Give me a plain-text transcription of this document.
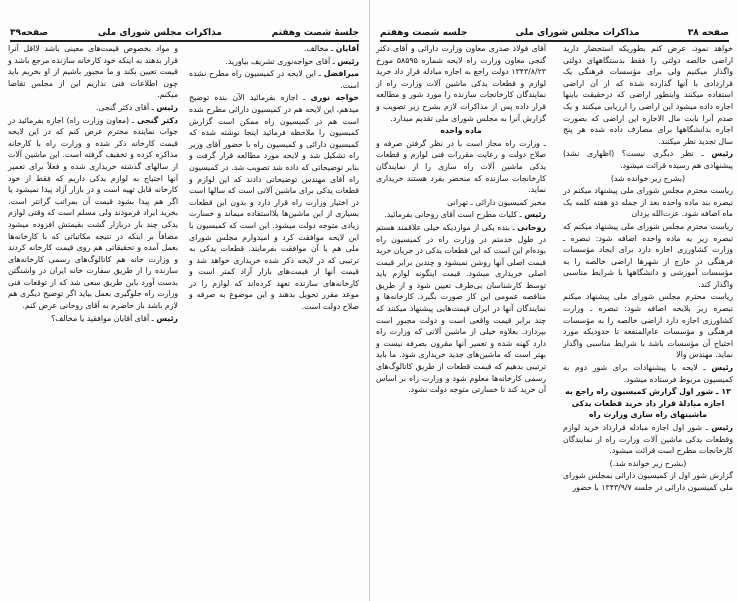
جلسهٔ شصت وهفتم
مذاکرات مجلس شورای ملی
صفحه۳۹

آقایان ـ مخالف.

رئیس ـ آقای خواجه‌نوری تشریف بیاورید.

میرافضل ـ این لایحه در کمیسیون راه مطرح نشده است.

خواجه نوری ـ اجازه بفرمائید الآن بنده توضیح میدهم، این لایحه هم در کمیسیون دارائی مطرح شده است هم در کمیسیون راه ممکن است گزارش کمیسیون را ملاحظه فرمائید اینجا نوشته شده که کمیسیون دارائی و کمیسیون راه با حضور آقای وزیر راه تشکیل شد و لایحه مورد مطالعه قرار گرفت و بنابر توضیحاتی که داده شد تصویب شد. در کمیسیون راه آقای مهندس توضیحاتی دادند که این لوازم و قطعات یدکی برای ماشین آلاتی است که سالها است در اختیار وزارت راه قرار دارد و بدون این قطعات بسیاری از این ماشین‌ها بلااستفاده میماند و خسارت زیادی متوجه دولت میشود. این است که کمیسیون با این لایحه موافقت کرد و امیدوارم مجلس شورای ملی هم با آن موافقت بفرمایند. قطعات یدکی به ترتیبی که در لایحه ذکر شده خریداری خواهد شد و قیمت آنها از قیمت‌های بازار آزاد کمتر است و کارخانه‌های سازنده تعهد کرده‌اند که لوازم را در موعد مقرر تحویل بدهند و این موضوع به صرفه و صلاح دولت است.

و مواد بخصوص قیمت‌های معینی باشد لااقل آنرا قرار بدهند به اینکه خود کارخانه سازنده مرجع باشد و قیمت تعیین بکند و ما مجبور باشیم از او بخریم باید چون اطلاعات فنی نداریم این از مجلس تقاضا میکنم.

رئیس ـ آقای دکتر گنجی.

دکتر گنجی ـ (معاون وزارت راه) اجازه بفرمائید در جواب نماینده محترم عرض کنم که در این لایحه قیمت کارخانه ذکر شده و وزارت راه با کارخانه مذاکره کرده و تخفیف گرفته است. این ماشین آلات از سالهای گذشته خریداری شده و فعلاً برای تعمیر آنها احتیاج به لوازم یدکی داریم که فقط از خود کارخانه قابل تهیه است و در بازار آزاد پیدا نمیشود یا اگر هم پیدا بشود قیمت آن بمراتب گرانتر است. بخرید ایراد فرمودند ولی مسلم است که وقتی لوازم یدکی چند بار دربازار گشت بقیمتش افزوده میشود مضافاً بر اینکه در نتیجه مکاتباتی که با کارخانه‌ها بعمل آمده و تحقیقاتی هم روی قیمت کارخانه کردند و وزارت خانه هم کاتالوگ‌های رسمی کارخانه‌های سازنده را از طریق سفارت خانه ایران در واشنگتن بدست آورد باین طریق سعی شد که از توقعات فنی وزارت راه جلوگیری بعمل بیاید اگر توضیح دیگری هم لازم باشد باز حاضرم به آقای روحانی عرض کنم.

رئیس ـ آقای آقایان موافقید یا مخالف؟

صفحه ۳۸
مذاکرات مجلس شورای ملی
جلسه شصت وهفتم

خواهد نمود، عرض کنم بطوریکه استحضار دارید اراضی خالصه دولتی را فقط بدستگاههای دولتی واگذار میکنیم ولی برای مؤسسات فرهنگی یک قراردادی با آنها گذارده شده که از آن اراضی استفاده میکنند واینطور اراضی که درحقیقت باینها اجاره داده میشود این اراضی را ارزیابی میکنند و یک صدم آنرا بابت مال الاجاره این اراضی که بصورت اجاره بدانشگاهها برای مصارف داده شده هر پنج سال تجدید نظر میکنند.

رئیس ـ نظر دیگری نیست؟ (اظهاری نشد) پیشنهادی هم رسیده قرائت میشود.

(بشرح زیر خوانده شد)

ریاست محترم مجلس شورای ملی پیشنهاد میکنم در تبصره بند ماده واحده بعد از جمله دو هفته کلمه یک ماه اضافه شود. عزت‌الله یزدان

ریاست محترم مجلس شورای ملی پیشنهاد میکنم که تبصره زیر به ماده واحده اضافه شود: تبصره ـ وزارت کشاورزی اجازه دارد برای ایجاد مؤسسات فرهنگی در خارج از شهرها اراضی خالصه را به مؤسسات آموزشی و دانشگاهها با شرایط مناسبی واگذار کند.

ریاست محترم مجلس شورای ملی پیشنهاد میکنم تبصره زیر بلایحه اضافه شود: تبصره ـ وزارت کشاورزی اجازه دارد اراضی خالصه را به مؤسسات فرهنگی و مؤسسات عام‌المنفعه تا حدودیکه مورد احتیاج آن مؤسسات باشد با شرایط مناسبی واگذار نماید. مهندس والا

رئیس ـ لایحه با پیشنهادات برای شور دوم به کمیسیون مربوط فرستاده میشود.

۱۳ ـ شور اول گزارش کمیسیون راه راجع به اجازه مبادلهٔ قرار داد خرید قطعات یدکی ماشینهای راه سازی وزارت راه

رئیس ـ شور اول اجازه مبادله قرارداد خرید لوازم وقطعات یدکی ماشین آلات وزارت راه از نمایندگان کارخانجات مطرح است قرائت میشود.

(بشرح زیر خوانده شد.)

گزارش شور اول از کمیسیون دارائی بمجلس شورای ملی کمیسیون دارائی در جلسه ۱۳۴۳/۹/۷ با حضور

آقای فولاد صدری معاون وزارت دارائی و آقای دکتر گنجی معاون وزارت راه لایحه شماره ۵۸۵۹۵ مورخ ۱۳۴۳/۸/۲۳ دولت راجع به اجازه مبادله قرار داد خرید لوازم و قطعات یدکی ماشین آلات وزارت راه از نمایندگان کارخانجات سازنده را مورد شور و مطالعه قرار داده پس از مذاکرات لازم بشرح زیر تصویب و گزارش آنرا به مجلس شورای ملی تقدیم میدارد.

ماده واحده

ـ وزارت راه مجاز است با در نظر گرفتن صرفه و صلاح دولت و رعایت مقررات فنی لوازم و قطعات یدکی ماشین آلات راه سازی را از نمایندگان کارخانجات سازنده که منحصر بفرد هستند خریداری نماید.

مخبر کمیسیون دارائی ـ تهرانی

رئیس ـ کلیات مطرح است آقای روحانی بفرمائید.

روحانی ـ بنده یکی از مواردیکه خیلی علاقمند هستم در طول خدمتم در وزارت راه در کمیسیون راه بوده‌ام این است که این قطعات یدکی در جریان خرید قیمت اصلی آنها روشن نمیشود و چندین برابر قیمت اصلی خریداری میشود. قیمت اینگونه لوازم باید توسط کارشناسان بی‌طرف تعیین شود و از طریق مناقصه عمومی این کار صورت بگیرد. کارخانه‌ها و نمایندگان آنها در ایران قیمت‌هایی پیشنهاد میکنند که چند برابر قیمت واقعی است و دولت مجبور است بپردازد. بعلاوه خیلی از ماشین آلاتی که وزارت راه دارد کهنه شده و تعمیر آنها مقرون بصرفه نیست و بهتر است که ماشین‌های جدید خریداری شود. ما باید ترتیبی بدهیم که قیمت قطعات از طریق کاتالوگ‌های رسمی کارخانه‌ها معلوم شود و وزارت راه بر اساس آن خرید کند تا خسارتی متوجه دولت نشود.
